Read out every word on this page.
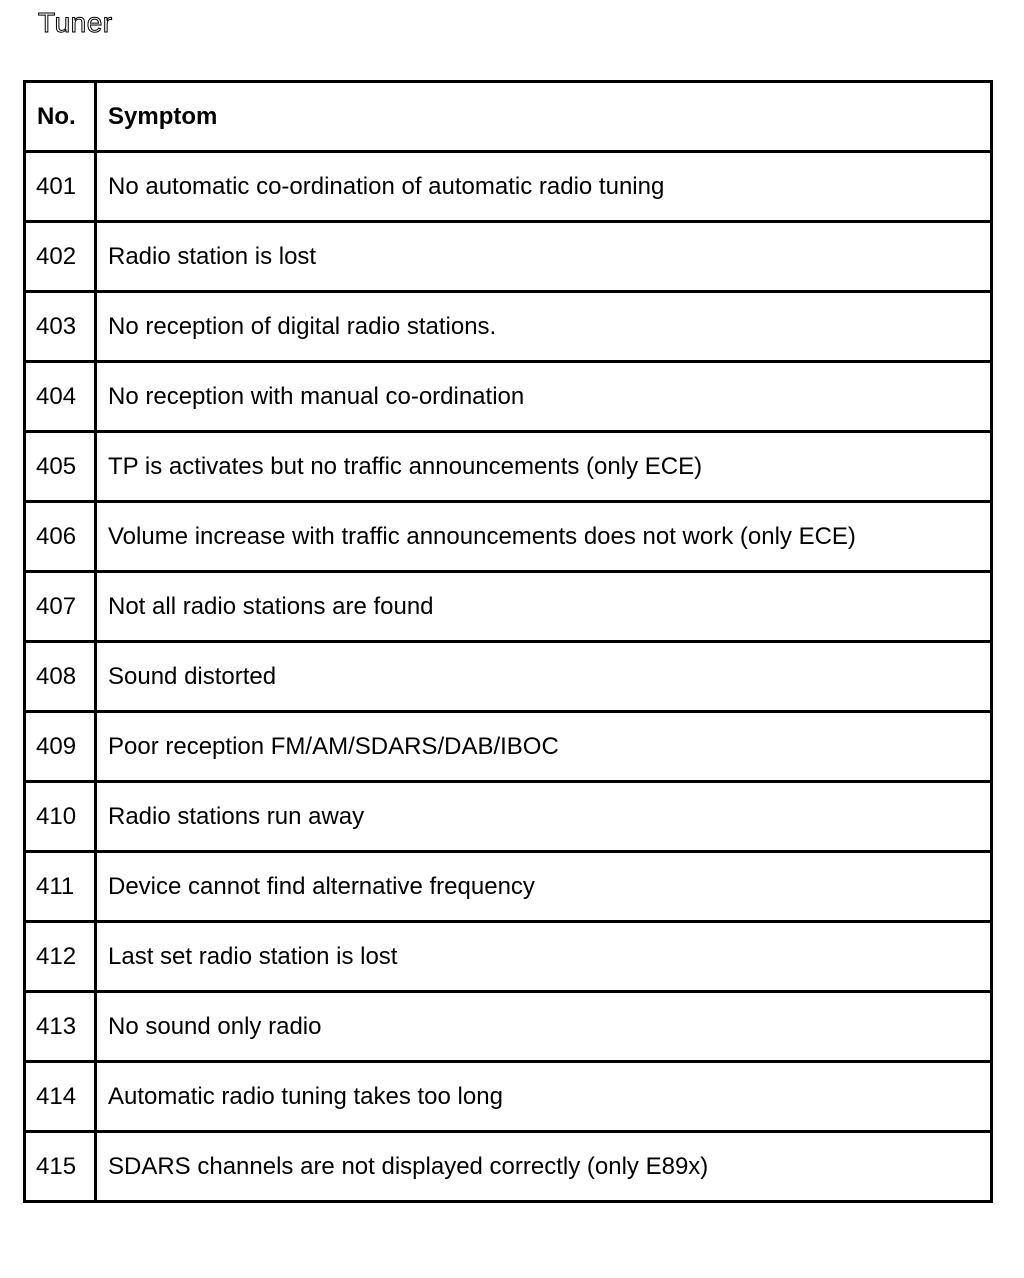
Tuner
No.	Symptom
401	No automatic co-ordination of automatic radio tuning
402	Radio station is lost
403	No reception of digital radio stations.
404	No reception with manual co-ordination
405	TP is activates but no traffic announcements (only ECE)
406	Volume increase with traffic announcements does not work (only ECE)
407	Not all radio stations are found
408	Sound distorted
409	Poor reception FM/AM/SDARS/DAB/IBOC
410	Radio stations run away
411	Device cannot find alternative frequency
412	Last set radio station is lost
413	No sound only radio
414	Automatic radio tuning takes too long
415	SDARS channels are not displayed correctly (only E89x)
